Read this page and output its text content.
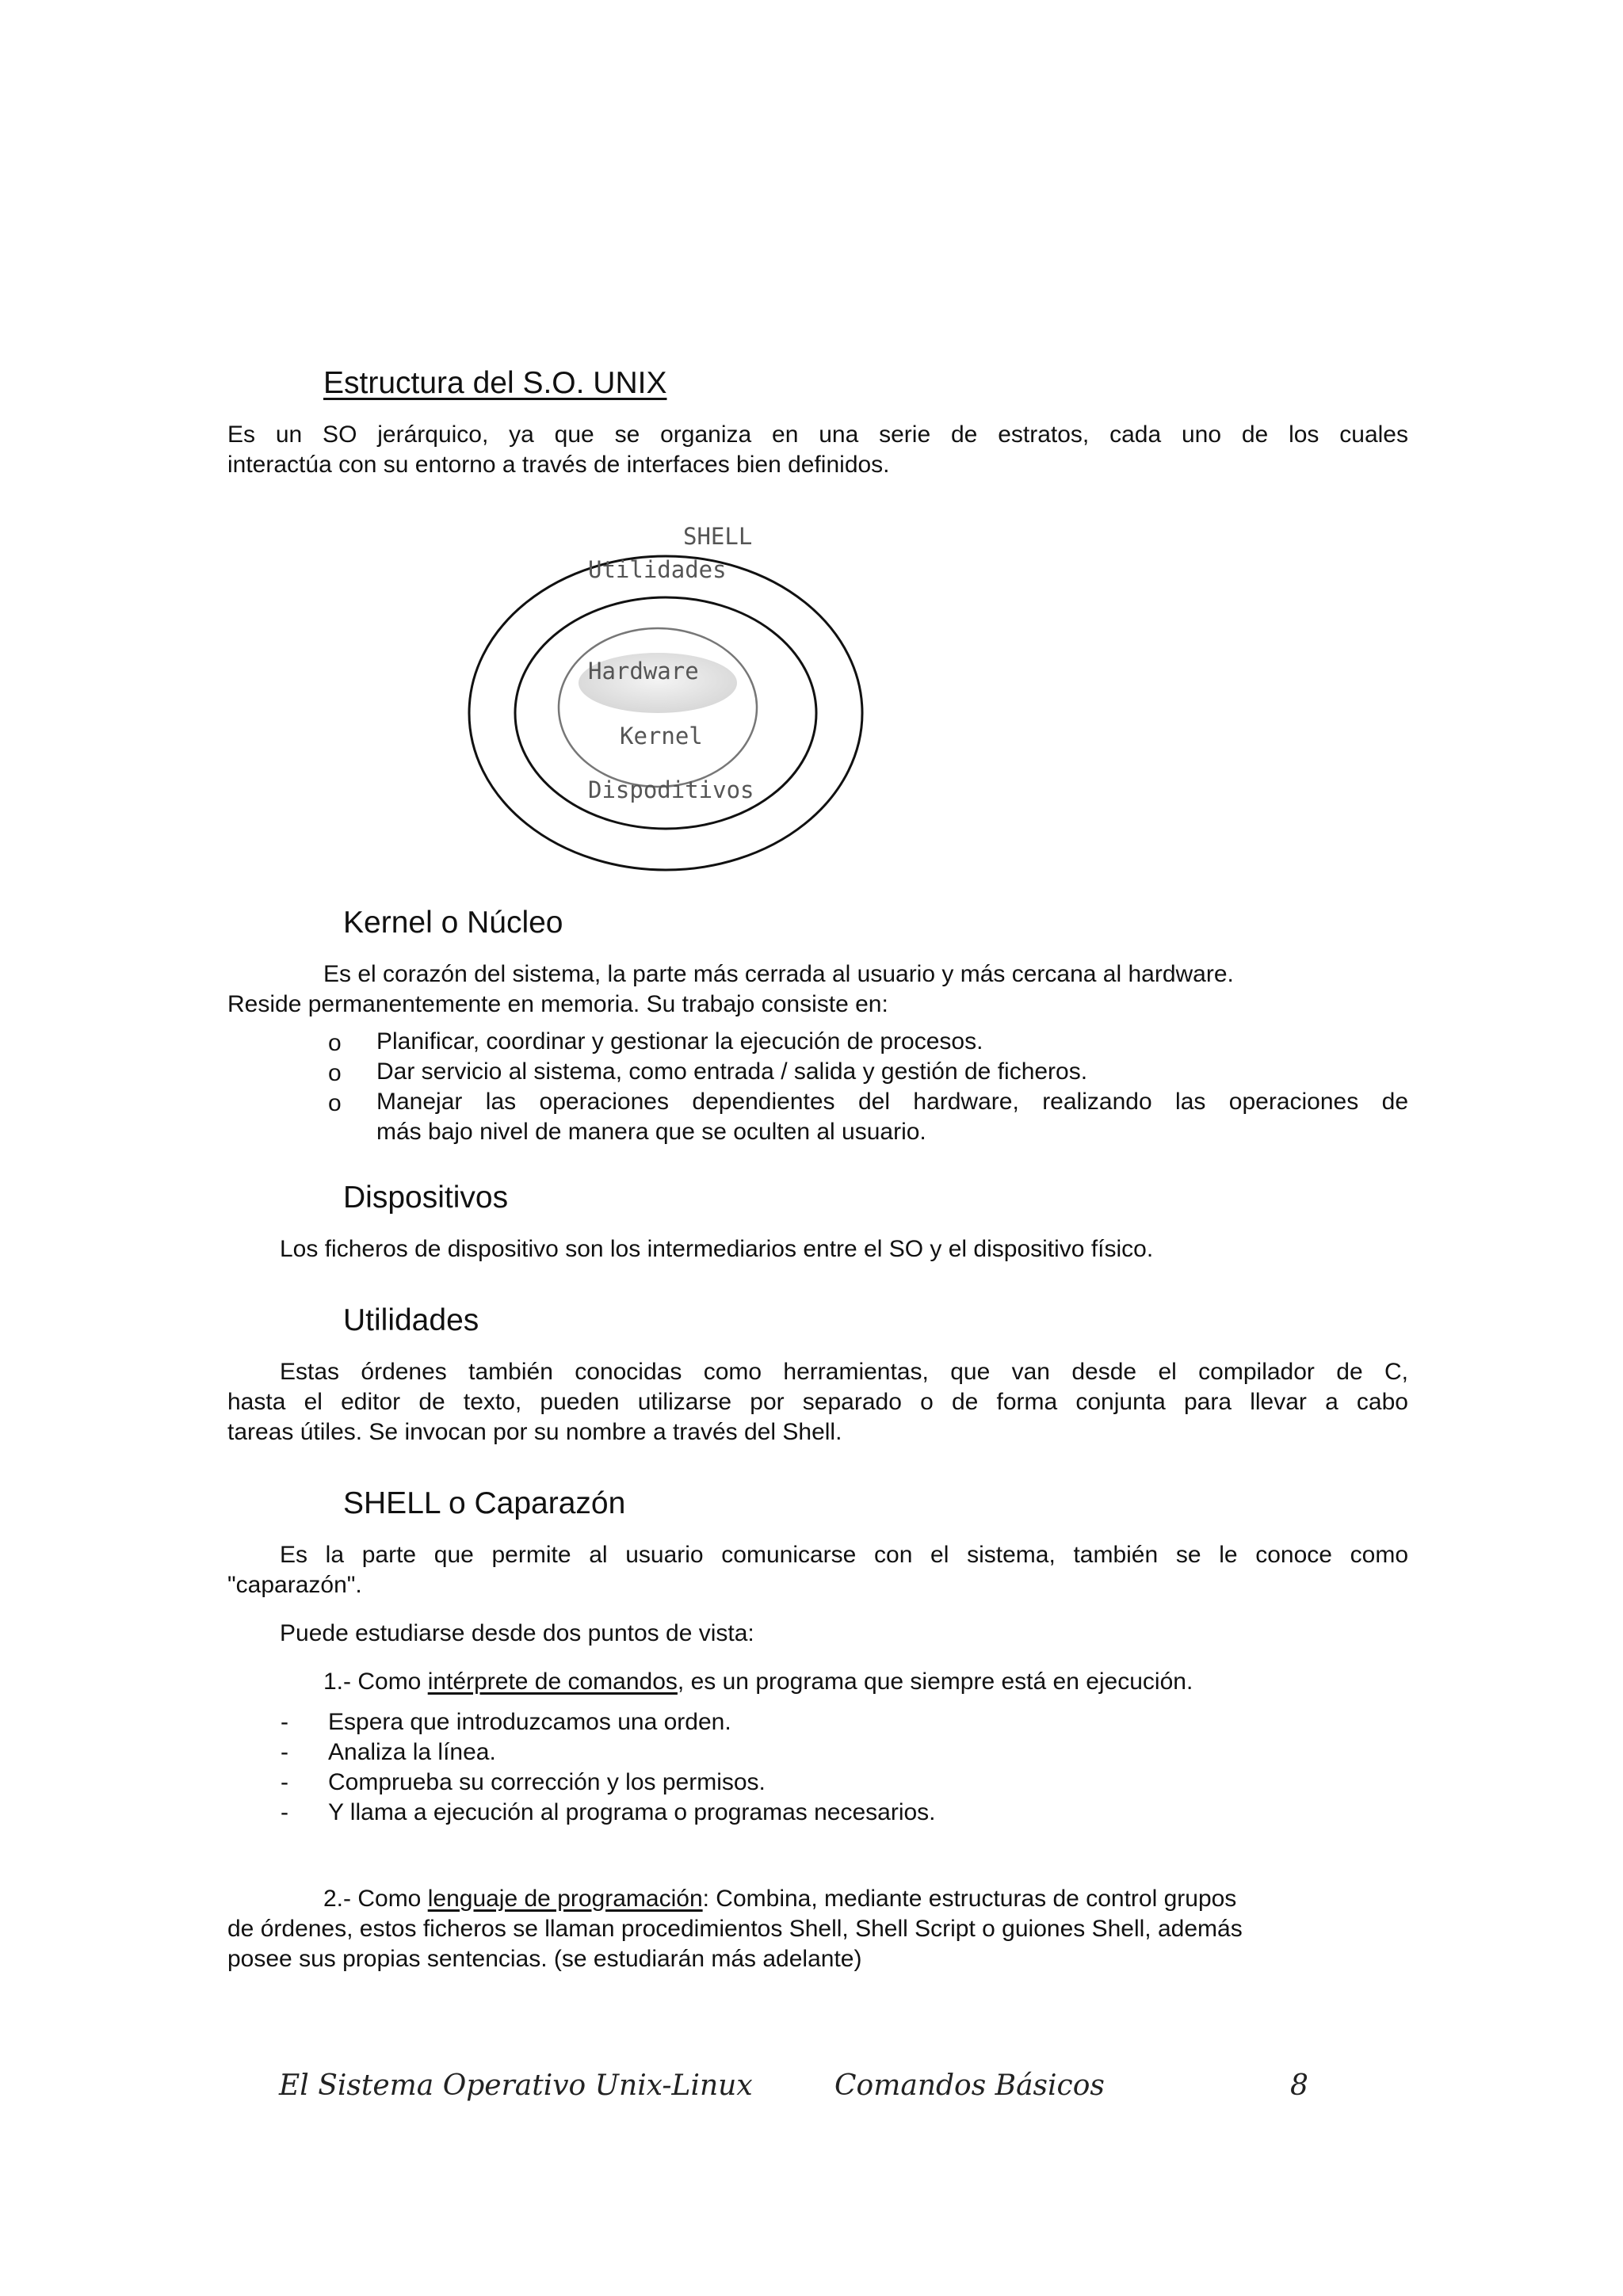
Estructura del S.O. UNIX
Es un SO jerárquico, ya que se organiza en una serie de estratos, cada uno de los cuales
interactúa con su entorno a través de interfaces bien definidos.
SHELL
Utilidades
Hardware
Kernel
Dispoditivos
Kernel o Núcleo
Es el corazón del sistema, la parte más cerrada al usuario y más cercana al hardware.
Reside permanentemente en memoria. Su trabajo consiste en:
o Planificar, coordinar y gestionar la ejecución de procesos.
o Dar servicio al sistema, como entrada / salida y gestión de ficheros.
o Manejar las operaciones dependientes del hardware, realizando las operaciones de
más bajo nivel de manera que se oculten al usuario.
Dispositivos
Los ficheros de dispositivo son los intermediarios entre el SO y el dispositivo físico.
Utilidades
Estas órdenes también conocidas como herramientas, que van desde el compilador de C,
hasta el editor de texto, pueden utilizarse por separado o de forma conjunta para llevar a cabo
tareas útiles. Se invocan por su nombre a través del Shell.
SHELL o Caparazón
Es la parte que permite al usuario comunicarse con el sistema, también se le conoce como
"caparazón".
Puede estudiarse desde dos puntos de vista:
1.- Como intérprete de comandos, es un programa que siempre está en ejecución.
- Espera que introduzcamos una orden.
- Analiza la línea.
- Comprueba su corrección y los permisos.
- Y llama a ejecución al programa o programas necesarios.
2.- Como lenguaje de programación: Combina, mediante estructuras de control grupos
de órdenes, estos ficheros se llaman procedimientos Shell, Shell Script o guiones Shell, además
posee sus propias sentencias. (se estudiarán más adelante)
El Sistema Operativo Unix-Linux	Comandos Básicos	8
